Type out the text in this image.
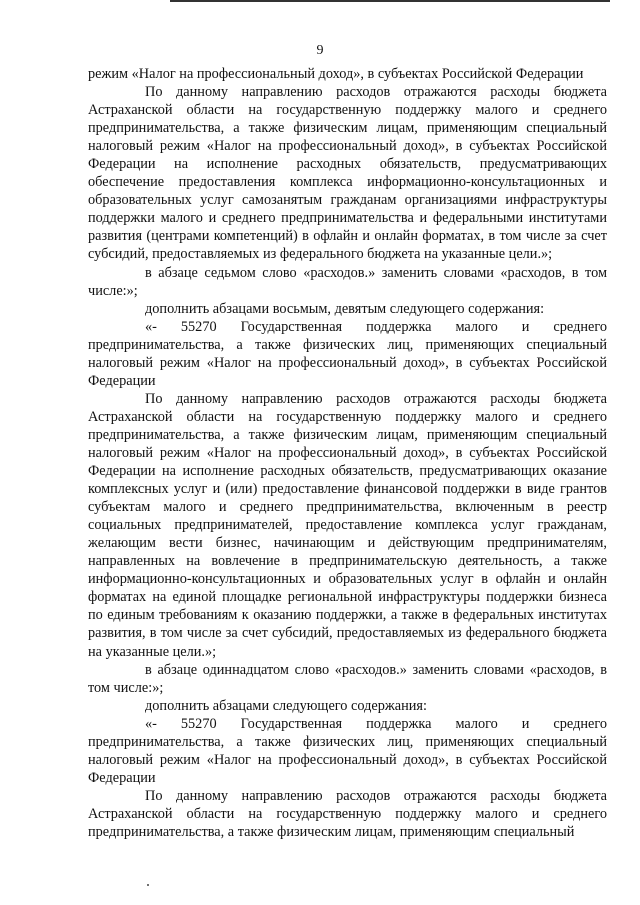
9

режим «Налог на профессиональный доход», в субъектах Российской Федерации

По данному направлению расходов отражаются расходы бюджета Астраханской области на государственную поддержку малого и среднего предпринимательства, а также физическим лицам, применяющим специальный налоговый режим «Налог на профессиональный доход», в субъектах Российской Федерации на исполнение расходных обязательств, предусматривающих обеспечение предоставления комплекса информационно-консультационных и образовательных услуг самозанятым гражданам организациями инфраструктуры поддержки малого и среднего предпринимательства и федеральными институтами развития (центрами компетенций) в офлайн и онлайн форматах, в том числе за счет субсидий, предоставляемых из федерального бюджета на указанные цели.»;

в абзаце седьмом слово «расходов.» заменить словами «расходов, в том числе:»;

дополнить абзацами восьмым, девятым следующего содержания:

«- 55270 Государственная поддержка малого и среднего предпринимательства, а также физических лиц, применяющих специальный налоговый режим «Налог на профессиональный доход», в субъектах Российской Федерации

По данному направлению расходов отражаются расходы бюджета Астраханской области на государственную поддержку малого и среднего предпринимательства, а также физическим лицам, применяющим специальный налоговый режим «Налог на профессиональный доход», в субъектах Российской Федерации на исполнение расходных обязательств, предусматривающих оказание комплексных услуг и (или) предоставление финансовой поддержки в виде грантов субъектам малого и среднего предпринимательства, включенным в реестр социальных предпринимателей, предоставление комплекса услуг гражданам, желающим вести бизнес, начинающим и действующим предпринимателям, направленных на вовлечение в предпринимательскую деятельность, а также информационно-консультационных и образовательных услуг в офлайн и онлайн форматах на единой площадке региональной инфраструктуры поддержки бизнеса по единым требованиям к оказанию поддержки, а также в федеральных институтах развития, в том числе за счет субсидий, предоставляемых из федерального бюджета на указанные цели.»;

в абзаце одиннадцатом слово «расходов.» заменить словами «расходов, в том числе:»;

дополнить абзацами следующего содержания:

«- 55270 Государственная поддержка малого и среднего предпринимательства, а также физических лиц, применяющих специальный налоговый режим «Налог на профессиональный доход», в субъектах Российской Федерации

По данному направлению расходов отражаются расходы бюджета Астраханской области на государственную поддержку малого и среднего предпринимательства, а также физическим лицам, применяющим специальный
